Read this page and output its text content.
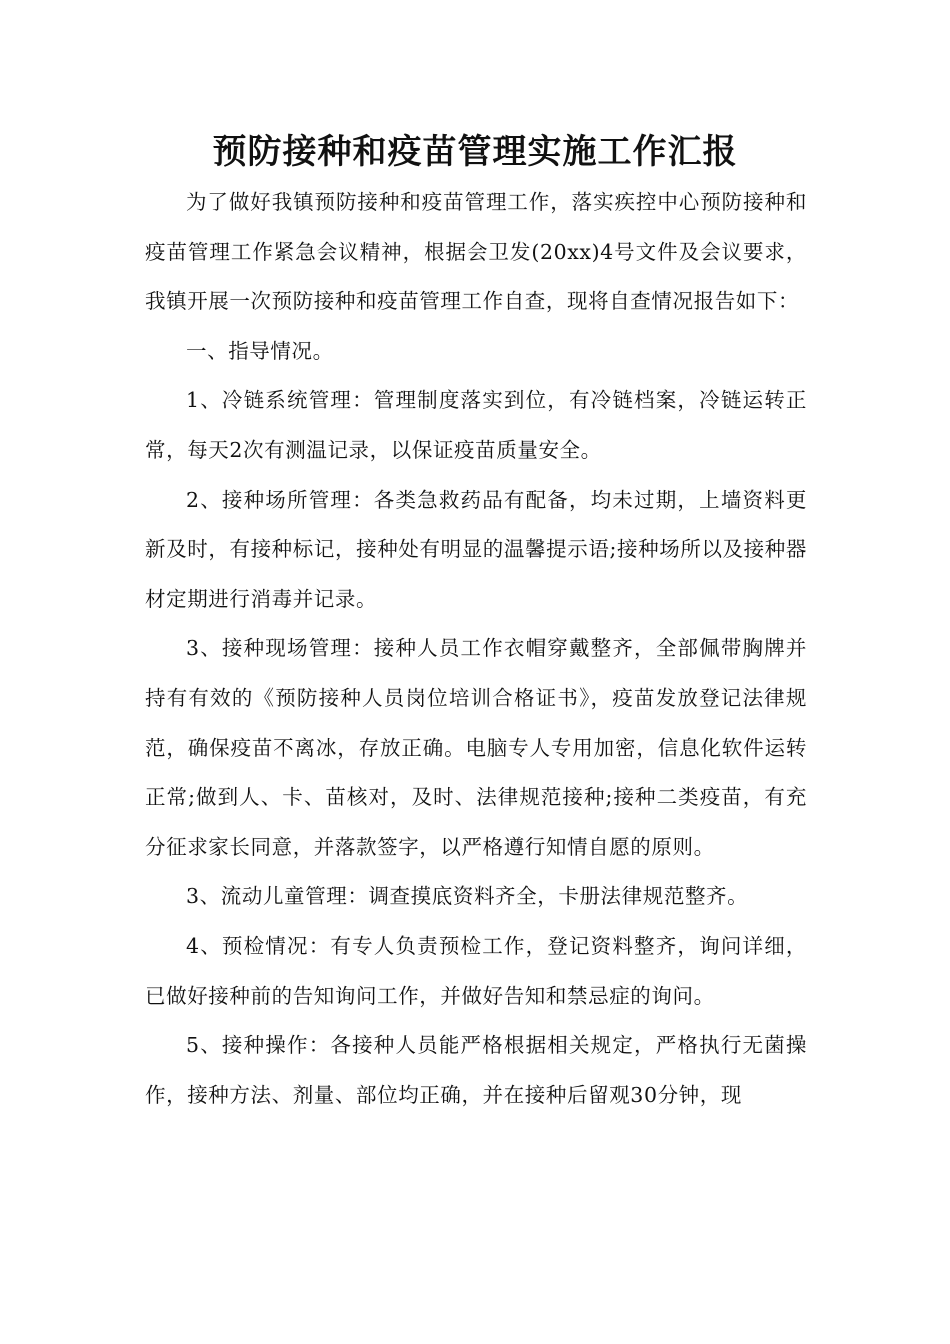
预防接种和疫苗管理实施工作汇报

为了做好我镇预防接种和疫苗管理工作，落实疾控中心预防接种和疫苗管理工作紧急会议精神，根据会卫发(20xx)4号文件及会议要求，我镇开展一次预防接种和疫苗管理工作自查，现将自查情况报告如下：

一、指导情况。

1、冷链系统管理：管理制度落实到位，有冷链档案，冷链运转正常，每天2次有测温记录，以保证疫苗质量安全。

2、接种场所管理：各类急救药品有配备，均未过期，上墙资料更新及时，有接种标记，接种处有明显的温馨提示语;接种场所以及接种器材定期进行消毒并记录。

3、接种现场管理：接种人员工作衣帽穿戴整齐，全部佩带胸牌并持有有效的《预防接种人员岗位培训合格证书》，疫苗发放登记法律规范，确保疫苗不离冰，存放正确。电脑专人专用加密，信息化软件运转正常;做到人、卡、苗核对，及时、法律规范接种;接种二类疫苗，有充分征求家长同意，并落款签字，以严格遵行知情自愿的原则。

3、流动儿童管理：调查摸底资料齐全，卡册法律规范整齐。

4、预检情况：有专人负责预检工作，登记资料整齐，询问详细，已做好接种前的告知询问工作，并做好告知和禁忌症的询问。

5、接种操作：各接种人员能严格根据相关规定，严格执行无菌操作，接种方法、剂量、部位均正确，并在接种后留观30分钟，现
